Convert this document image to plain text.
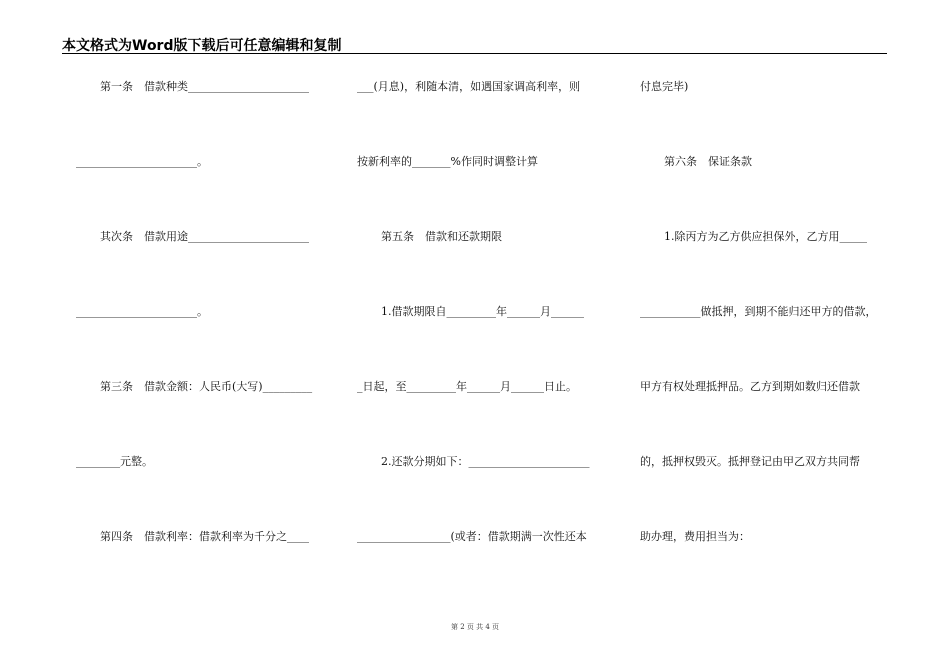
本文格式为Word版下载后可任意编辑和复制
第一条　借款种类______________________
______________________。
其次条　借款用途______________________
______________________。
第三条　借款金额：人民币(大写)_________
________元整。
第四条　借款利率：借款利率为千分之____
___(月息)，利随本清，如遇国家调高利率，则
按新利率的_______%作同时调整计算
第五条　借款和还款期限
1.借款期限自_________年______月______
_日起，至_________年______月______日止。
2.还款分期如下：______________________
_________________(或者：借款期满一次性还本
付息完毕)
第六条　保证条款
1.除丙方为乙方供应担保外，乙方用_____
___________做抵押，到期不能归还甲方的借款，
甲方有权处理抵押品。乙方到期如数归还借款
的，抵押权毁灭。抵押登记由甲乙双方共同帮
助办理，费用担当为：
第 2 页 共 4 页
